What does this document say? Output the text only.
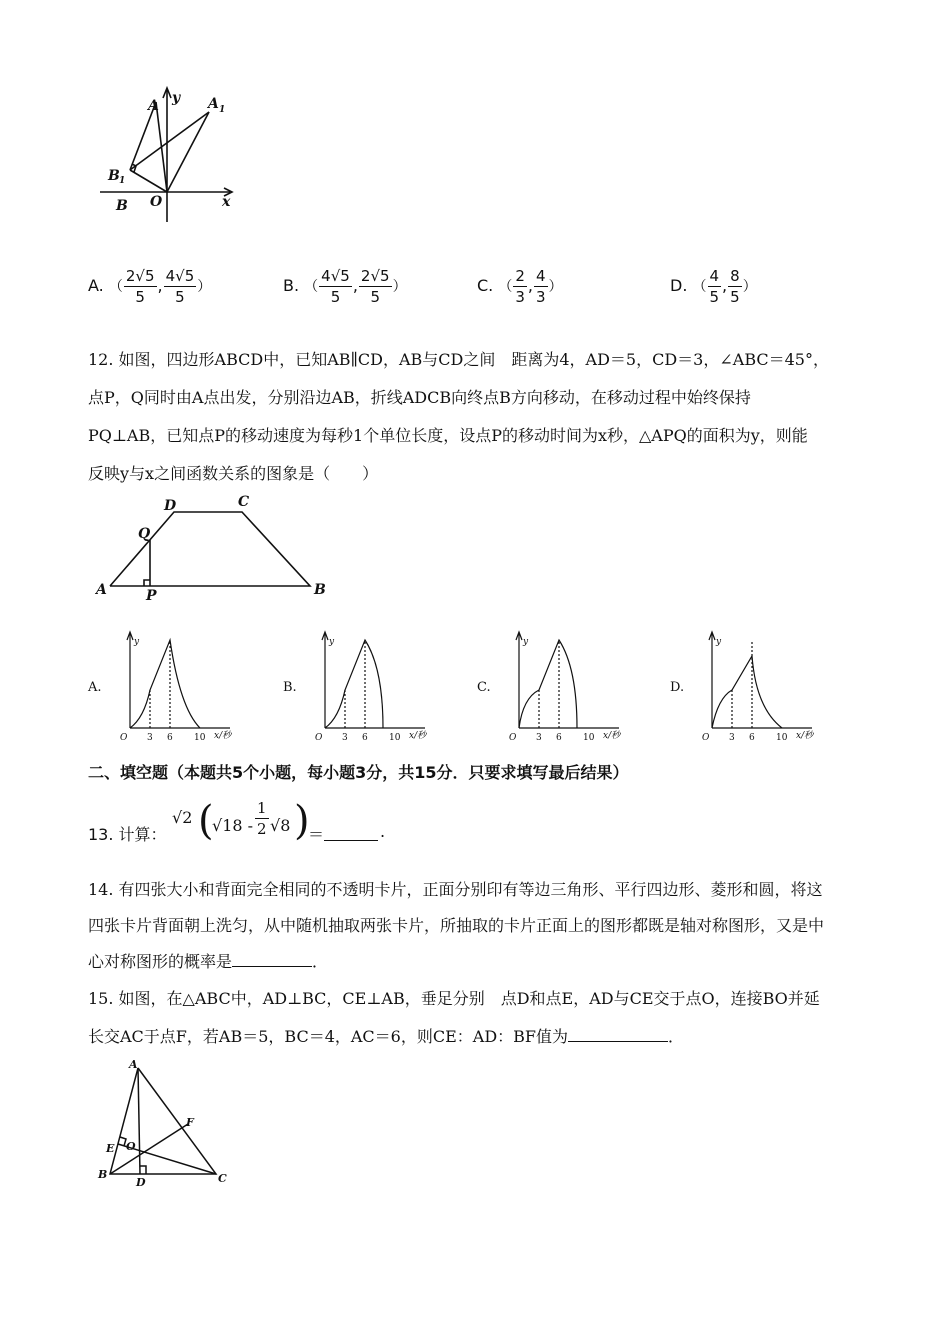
A y A 1
B 1
O
B	x
A. （ $\frac{2√5}{5}$ , $\frac{4√5}{5}$ ）	B. （ $\frac{4√5}{5}$ , $\frac{2√5}{5}$ ）	C. （ $\frac{2}{3}$ , $\frac{4}{3}$ ）	D. （ $\frac{4}{5}$ , $\frac{8}{5}$ ）
12. 如图，四边形ABCD中，已知AB∥CD，AB与CD之间　距离为4，AD＝5，CD＝3，∠ABC＝45°，
点P，Q同时由A点出发，分别沿边AB，折线ADCB向终点B方向移动，在移动过程中始终保持
PQ⊥AB，已知点P的移动速度为每秒1个单位长度，设点P的移动时间为x秒，△APQ的面积为y，则能
反映y与x之间函数关系的图象是（　　）
A	B
C
D
P
Q
A.
y
O 3 6 10 x/秒
B.
y
O 3 6 10 x/秒
C.
y
O 3 6 10 x/秒
D.
y
O 3 6 10 x/秒
二、填空题（本题共5个小题，每小题3分，共15分．只要求填写最后结果）
13. 计算：
√2 (
$√18 - \frac{1}{2} √8$ )
＝	.
14. 有四张大小和背面完全相同的不透明卡片，正面分别印有等边三角形、平行四边形、菱形和圆，将这
四张卡片背面朝上洗匀，从中随机抽取两张卡片，所抽取的卡片正面上的图形都既是轴对称图形，又是中
心对称图形的概率是	．
15. 如图，在△ABC中，AD⊥BC，CE⊥AB，垂足分别　点D和点E，AD与CE交于点O，连接BO并延
长交AC于点F，若AB＝5，BC＝4，AC＝6，则CE：AD：BF值为	．
A
B	C
D
E
F
O
